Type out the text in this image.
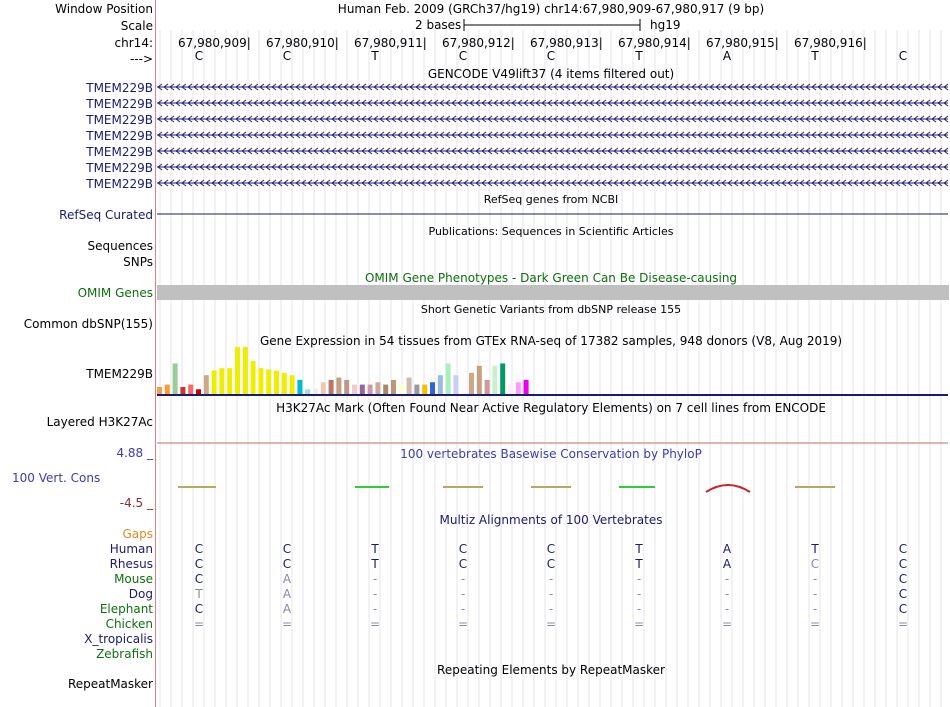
Window Position	Human Feb. 2009 (GRCh37/hg19) chr14:67,980,909-67,980,917 (9 bp)
Scale	2 bases	hg19
chr14: 67,980,909| 67,980,910| 67,980,911| 67,980,912| 67,980,913| 67,980,914| 67,980,915| 67,980,916|
--->	C	C	T	C	C	T	A	T	C
GENCODE V49lift37 (4 items filtered out)
TMEM229B
TMEM229B
TMEM229B
TMEM229B
TMEM229B
TMEM229B
TMEM229B
RefSeq genes from NCBI
RefSeq Curated
Publications: Sequences in Scientific Articles
Sequences
SNPs
OMIM Gene Phenotypes - Dark Green Can Be Disease-causing
OMIM Genes
Short Genetic Variants from dbSNP release 155
Common dbSNP(155)
Gene Expression in 54 tissues from GTEx RNA-seq of 17382 samples, 948 donors (V8, Aug 2019)
TMEM229B
H3K27Ac Mark (Often Found Near Active Regulatory Elements) on 7 cell lines from ENCODE
Layered H3K27Ac
100 vertebrates Basewise Conservation by PhyloP
4.88 _
100 Vert. Cons
-4.5 _
Multiz Alignments of 100 Vertebrates
Gaps
Human	C	C	T	C	C	T	A	T	C
Rhesus	C	C	T	C	C	T	A	C	C
Mouse	C	A	-	-	-	-	-	-	C
Dog	T	A	-	-	-	-	-	-	C
Elephant	C	A	-	-	-	-	-	-	C
Chicken	=	=	=	=	=	=	=	=	=
X_tropicalis
Zebrafish
Repeating Elements by RepeatMasker
RepeatMasker
